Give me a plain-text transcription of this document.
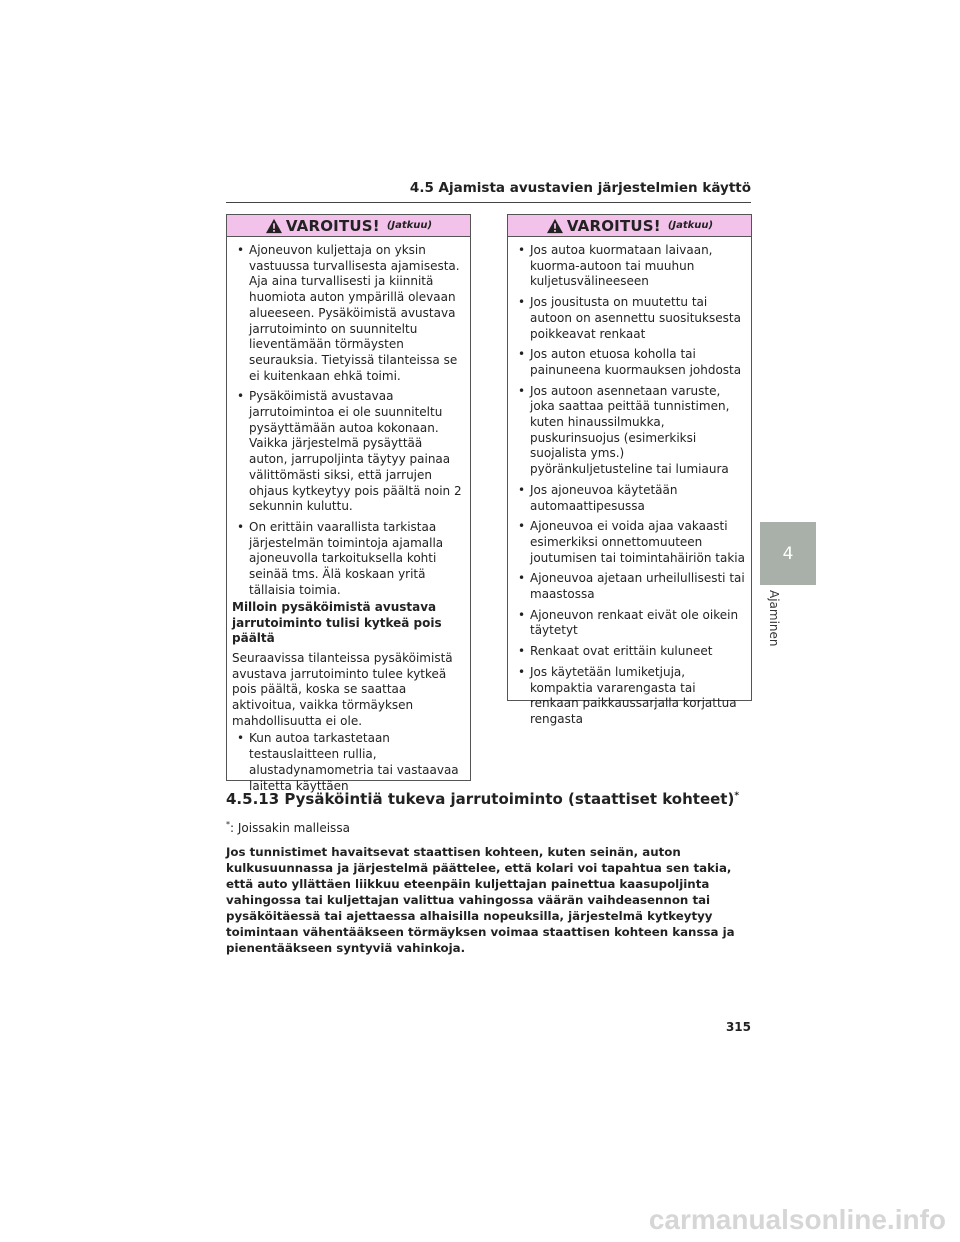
4.5 Ajamista avustavien järjestelmien käyttö
VAROITUS! (Jatkuu)
• Ajoneuvon kuljettaja on yksin vastuussa turvallisesta ajamisesta. Aja aina turvallisesti ja kiinnitä huomiota auton ympärillä olevaan alueeseen. Pysäköimistä avustava jarrutoiminto on suunniteltu lieventämään törmäysten seurauksia. Tietyissä tilanteissa se ei kuitenkaan ehkä toimi.
• Pysäköimistä avustavaa jarrutoimintoa ei ole suunniteltu pysäyttämään autoa kokonaan. Vaikka järjestelmä pysäyttää auton, jarrupoljinta täytyy painaa välittömästi siksi, että jarrujen ohjaus kytkeytyy pois päältä noin 2 sekunnin kuluttu.
• On erittäin vaarallista tarkistaa järjestelmän toimintoja ajamalla ajoneuvolla tarkoituksella kohti seinää tms. Älä koskaan yritä tällaisia toimia.
Milloin pysäköimistä avustava jarrutoiminto tulisi kytkeä pois päältä
Seuraavissa tilanteissa pysäköimistä avustava jarrutoiminto tulee kytkeä pois päältä, koska se saattaa aktivoitua, vaikka törmäyksen mahdollisuutta ei ole.
• Kun autoa tarkastetaan testauslaitteen rullia, alustadynamometria tai vastaavaa laitetta käyttäen
VAROITUS! (Jatkuu)
• Jos autoa kuormataan laivaan, kuorma-autoon tai muuhun kuljetusvälineeseen
• Jos jousitusta on muutettu tai autoon on asennettu suosituksesta poikkeavat renkaat
• Jos auton etuosa koholla tai painuneena kuormauksen johdosta
• Jos autoon asennetaan varuste, joka saattaa peittää tunnistimen, kuten hinaussilmukka, puskurinsuojus (esimerkiksi suojalista yms.) pyöränkuljetusteline tai lumiaura
• Jos ajoneuvoa käytetään automaattipesussa
• Ajoneuvoa ei voida ajaa vakaasti esimerkiksi onnettomuuteen joutumisen tai toimintahäiriön takia
• Ajoneuvoa ajetaan urheilullisesti tai maastossa
• Ajoneuvon renkaat eivät ole oikein täytetyt
• Renkaat ovat erittäin kuluneet
• Jos käytetään lumiketjuja, kompaktia vararengasta tai renkaan paikkaussarjalla korjattua rengasta
4.5.13 Pysäköintiä tukeva jarrutoiminto (staattiset kohteet)*
*: Joissakin malleissa
Jos tunnistimet havaitsevat staattisen kohteen, kuten seinän, auton kulkusuunnassa ja järjestelmä päättelee, että kolari voi tapahtua sen takia, että auto yllättäen liikkuu eteenpäin kuljettajan painettua kaasupoljinta vahingossa tai kuljettajan valittua vahingossa väärän vaihdeasennon tai pysäköitäessä tai ajettaessa alhaisilla nopeuksilla, järjestelmä kytkeytyy toimintaan vähentääkseen törmäyksen voimaa staattisen kohteen kanssa ja pienentääkseen syntyviä vahinkoja.
4
Ajaminen
315
carmanualsonline.info
